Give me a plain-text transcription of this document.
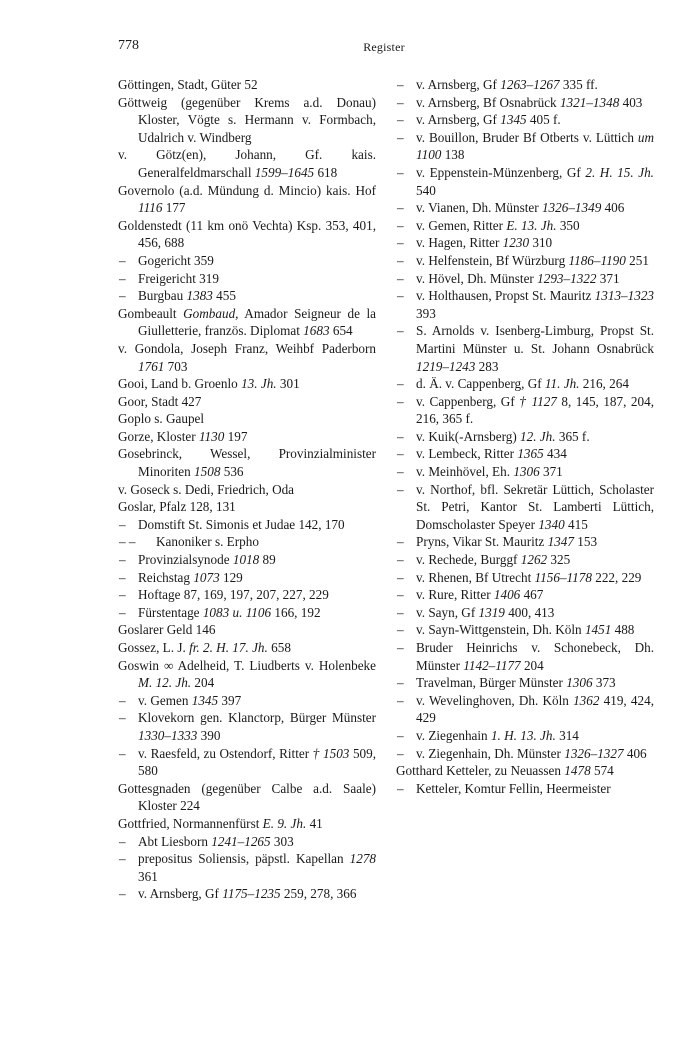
778	Register

Göttingen, Stadt, Güter 52

Göttweig (gegenüber Krems a.d. Donau) Kloster, Vögte s. Hermann v. Formbach, Udalrich v. Windberg

v. Götz(en), Johann, Gf. kais. Generalfeldmarschall 1599–1645 618

Governolo (a.d. Mündung d. Mincio) kais. Hof 1116 177

Goldenstedt (11 km onö Vechta) Ksp. 353, 401, 456, 688

– Gogericht 359

– Freigericht 319

– Burgbau 1383 455

Gombeault Gombaud, Amador Seigneur de la Giulletterie, französ. Diplomat 1683 654

v. Gondola, Joseph Franz, Weihbf Paderborn 1761 703

Gooi, Land b. Groenlo 13. Jh. 301

Goor, Stadt 427

Goplo s. Gaupel

Gorze, Kloster 1130 197

Gosebrinck, Wessel, Provinzialminister Minoriten 1508 536

v. Goseck s. Dedi, Friedrich, Oda

Goslar, Pfalz 128, 131

– Domstift St. Simonis et Judae 142, 170

– – Kanoniker s. Erpho

– Provinzialsynode 1018 89

– Reichstag 1073 129

– Hoftage 87, 169, 197, 207, 227, 229

– Fürstentage 1083 u. 1106 166, 192

Goslarer Geld 146

Gossez, L. J. fr. 2. H. 17. Jh. 658

Goswin ∞ Adelheid, T. Liudberts v. Holenbeke M. 12. Jh. 204

– v. Gemen 1345 397

– Klovekorn gen. Klanctorp, Bürger Münster 1330–1333 390

– v. Raesfeld, zu Ostendorf, Ritter † 1503 509, 580

Gottesgnaden (gegenüber Calbe a.d. Saale) Kloster 224

Gottfried, Normannenfürst E. 9. Jh. 41

– Abt Liesborn 1241–1265 303

– prepositus Soliensis, päpstl. Kapellan 1278 361

– v. Arnsberg, Gf 1175–1235 259, 278, 366

– v. Arnsberg, Gf 1263–1267 335 ff.

– v. Arnsberg, Bf Osnabrück 1321–1348 403

– v. Arnsberg, Gf 1345 405 f.

– v. Bouillon, Bruder Bf Otberts v. Lüttich um 1100 138

– v. Eppenstein-Münzenberg, Gf 2. H. 15. Jh. 540

– v. Vianen, Dh. Münster 1326–1349 406

– v. Gemen, Ritter E. 13. Jh. 350

– v. Hagen, Ritter 1230 310

– v. Helfenstein, Bf Würzburg 1186–1190 251

– v. Hövel, Dh. Münster 1293–1322 371

– v. Holthausen, Propst St. Mauritz 1313–1323 393

– S. Arnolds v. Isenberg-Limburg, Propst St. Martini Münster u. St. Johann Osnabrück 1219–1243 283

– d. Ä. v. Cappenberg, Gf 11. Jh. 216, 264

– v. Cappenberg, Gf † 1127 8, 145, 187, 204, 216, 365 f.

– v. Kuik(-Arnsberg) 12. Jh. 365 f.

– v. Lembeck, Ritter 1365 434

– v. Meinhövel, Eh. 1306 371

– v. Northof, bfl. Sekretär Lüttich, Scholaster St. Petri, Kantor St. Lamberti Lüttich, Domscholaster Speyer 1340 415

– Pryns, Vikar St. Mauritz 1347 153

– v. Rechede, Burggf 1262 325

– v. Rhenen, Bf Utrecht 1156–1178 222, 229

– v. Rure, Ritter 1406 467

– v. Sayn, Gf 1319 400, 413

– v. Sayn-Wittgenstein, Dh. Köln 1451 488

– Bruder Heinrichs v. Schonebeck, Dh. Münster 1142–1177 204

– Travelman, Bürger Münster 1306 373

– v. Wevelinghoven, Dh. Köln 1362 419, 424, 429

– v. Ziegenhain 1. H. 13. Jh. 314

– v. Ziegenhain, Dh. Münster 1326–1327 406

Gotthard Ketteler, zu Neuassen 1478 574

– Ketteler, Komtur Fellin, Heermeister
